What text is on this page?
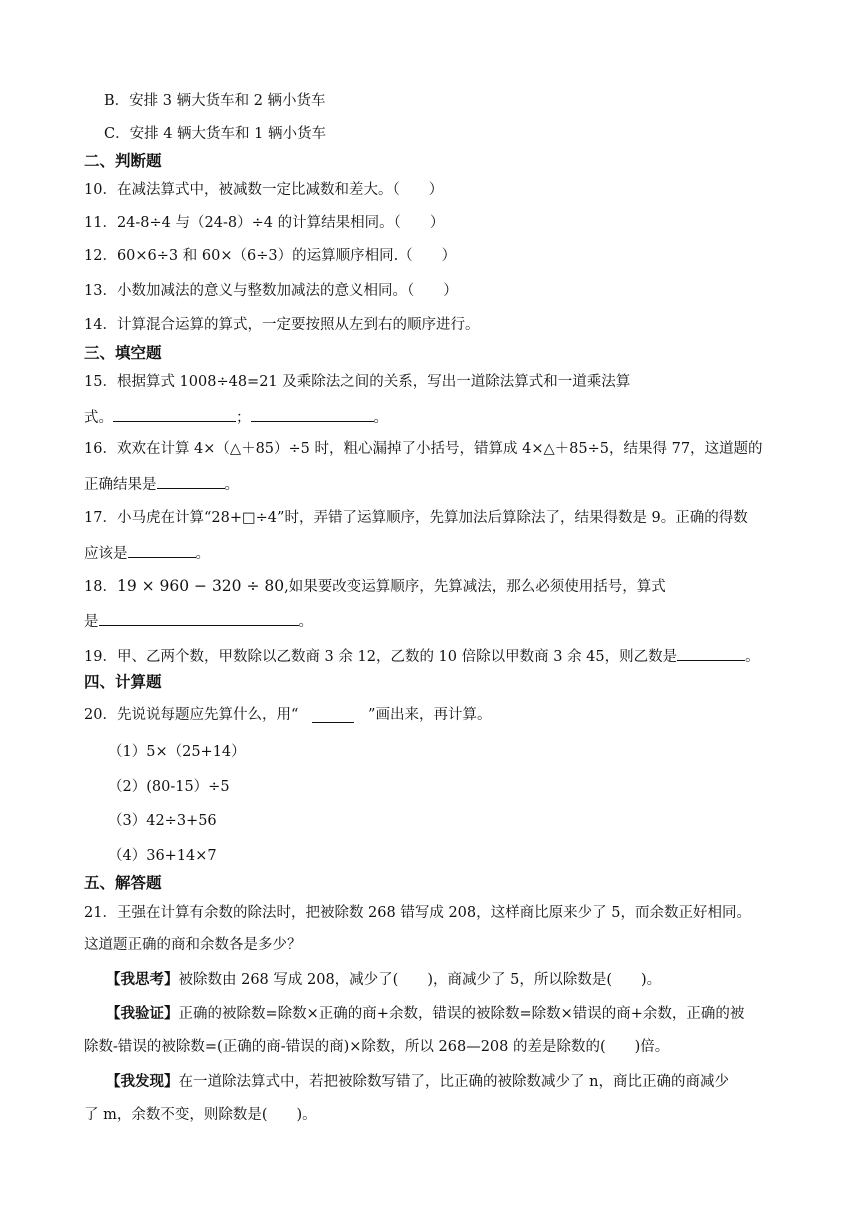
B．安排 3 辆大货车和 2 辆小货车
C．安排 4 辆大货车和 1 辆小货车
二、判断题
10．在减法算式中，被减数一定比减数和差大。（　　）
11．24-8÷4 与（24-8）÷4 的计算结果相同。（　　）
12．60×6÷3 和 60×（6÷3）的运算顺序相同.（　　）
13．小数加减法的意义与整数加减法的意义相同。（　　）
14．计算混合运算的算式，一定要按照从左到右的顺序进行。
三、填空题
15．根据算式 1008÷48=21 及乘除法之间的关系，写出一道除法算式和一道乘法算
式。	；	。
16．欢欢在计算 4×（△＋85）÷5 时，粗心漏掉了小括号，错算成 4×△＋85÷5，结果得 77，这道题的
正确结果是	。
17．小马虎在计算“28+□÷4”时，弄错了运算顺序，先算加法后算除法了，结果得数是 9。正确的得数
应该是	。
18．19 × 960 − 320 ÷ 80,如果要改变运算顺序，先算减法，那么必须使用括号，算式
是	。
19．甲、乙两个数，甲数除以乙数商 3 余 12，乙数的 10 倍除以甲数商 3 余 45，则乙数是	。
四、计算题
20．先说说每题应先算什么，用“	”画出来，再计算。
（1）5×（25+14）
（2）(80-15）÷5
（3）42÷3+56
（4）36+14×7
五、解答题
21．王强在计算有余数的除法时，把被除数 268 错写成 208，这样商比原来少了 5，而余数正好相同。
这道题正确的商和余数各是多少？
【我思考】被除数由 268 写成 208，减少了(　　)，商减少了 5，所以除数是(　　)。
【我验证】正确的被除数=除数×正确的商+余数，错误的被除数=除数×错误的商+余数，正确的被
除数-错误的被除数=(正确的商-错误的商)×除数，所以 268—208 的差是除数的(　　)倍。
【我发现】在一道除法算式中，若把被除数写错了，比正确的被除数减少了 n，商比正确的商减少
了 m，余数不变，则除数是(　　)。
